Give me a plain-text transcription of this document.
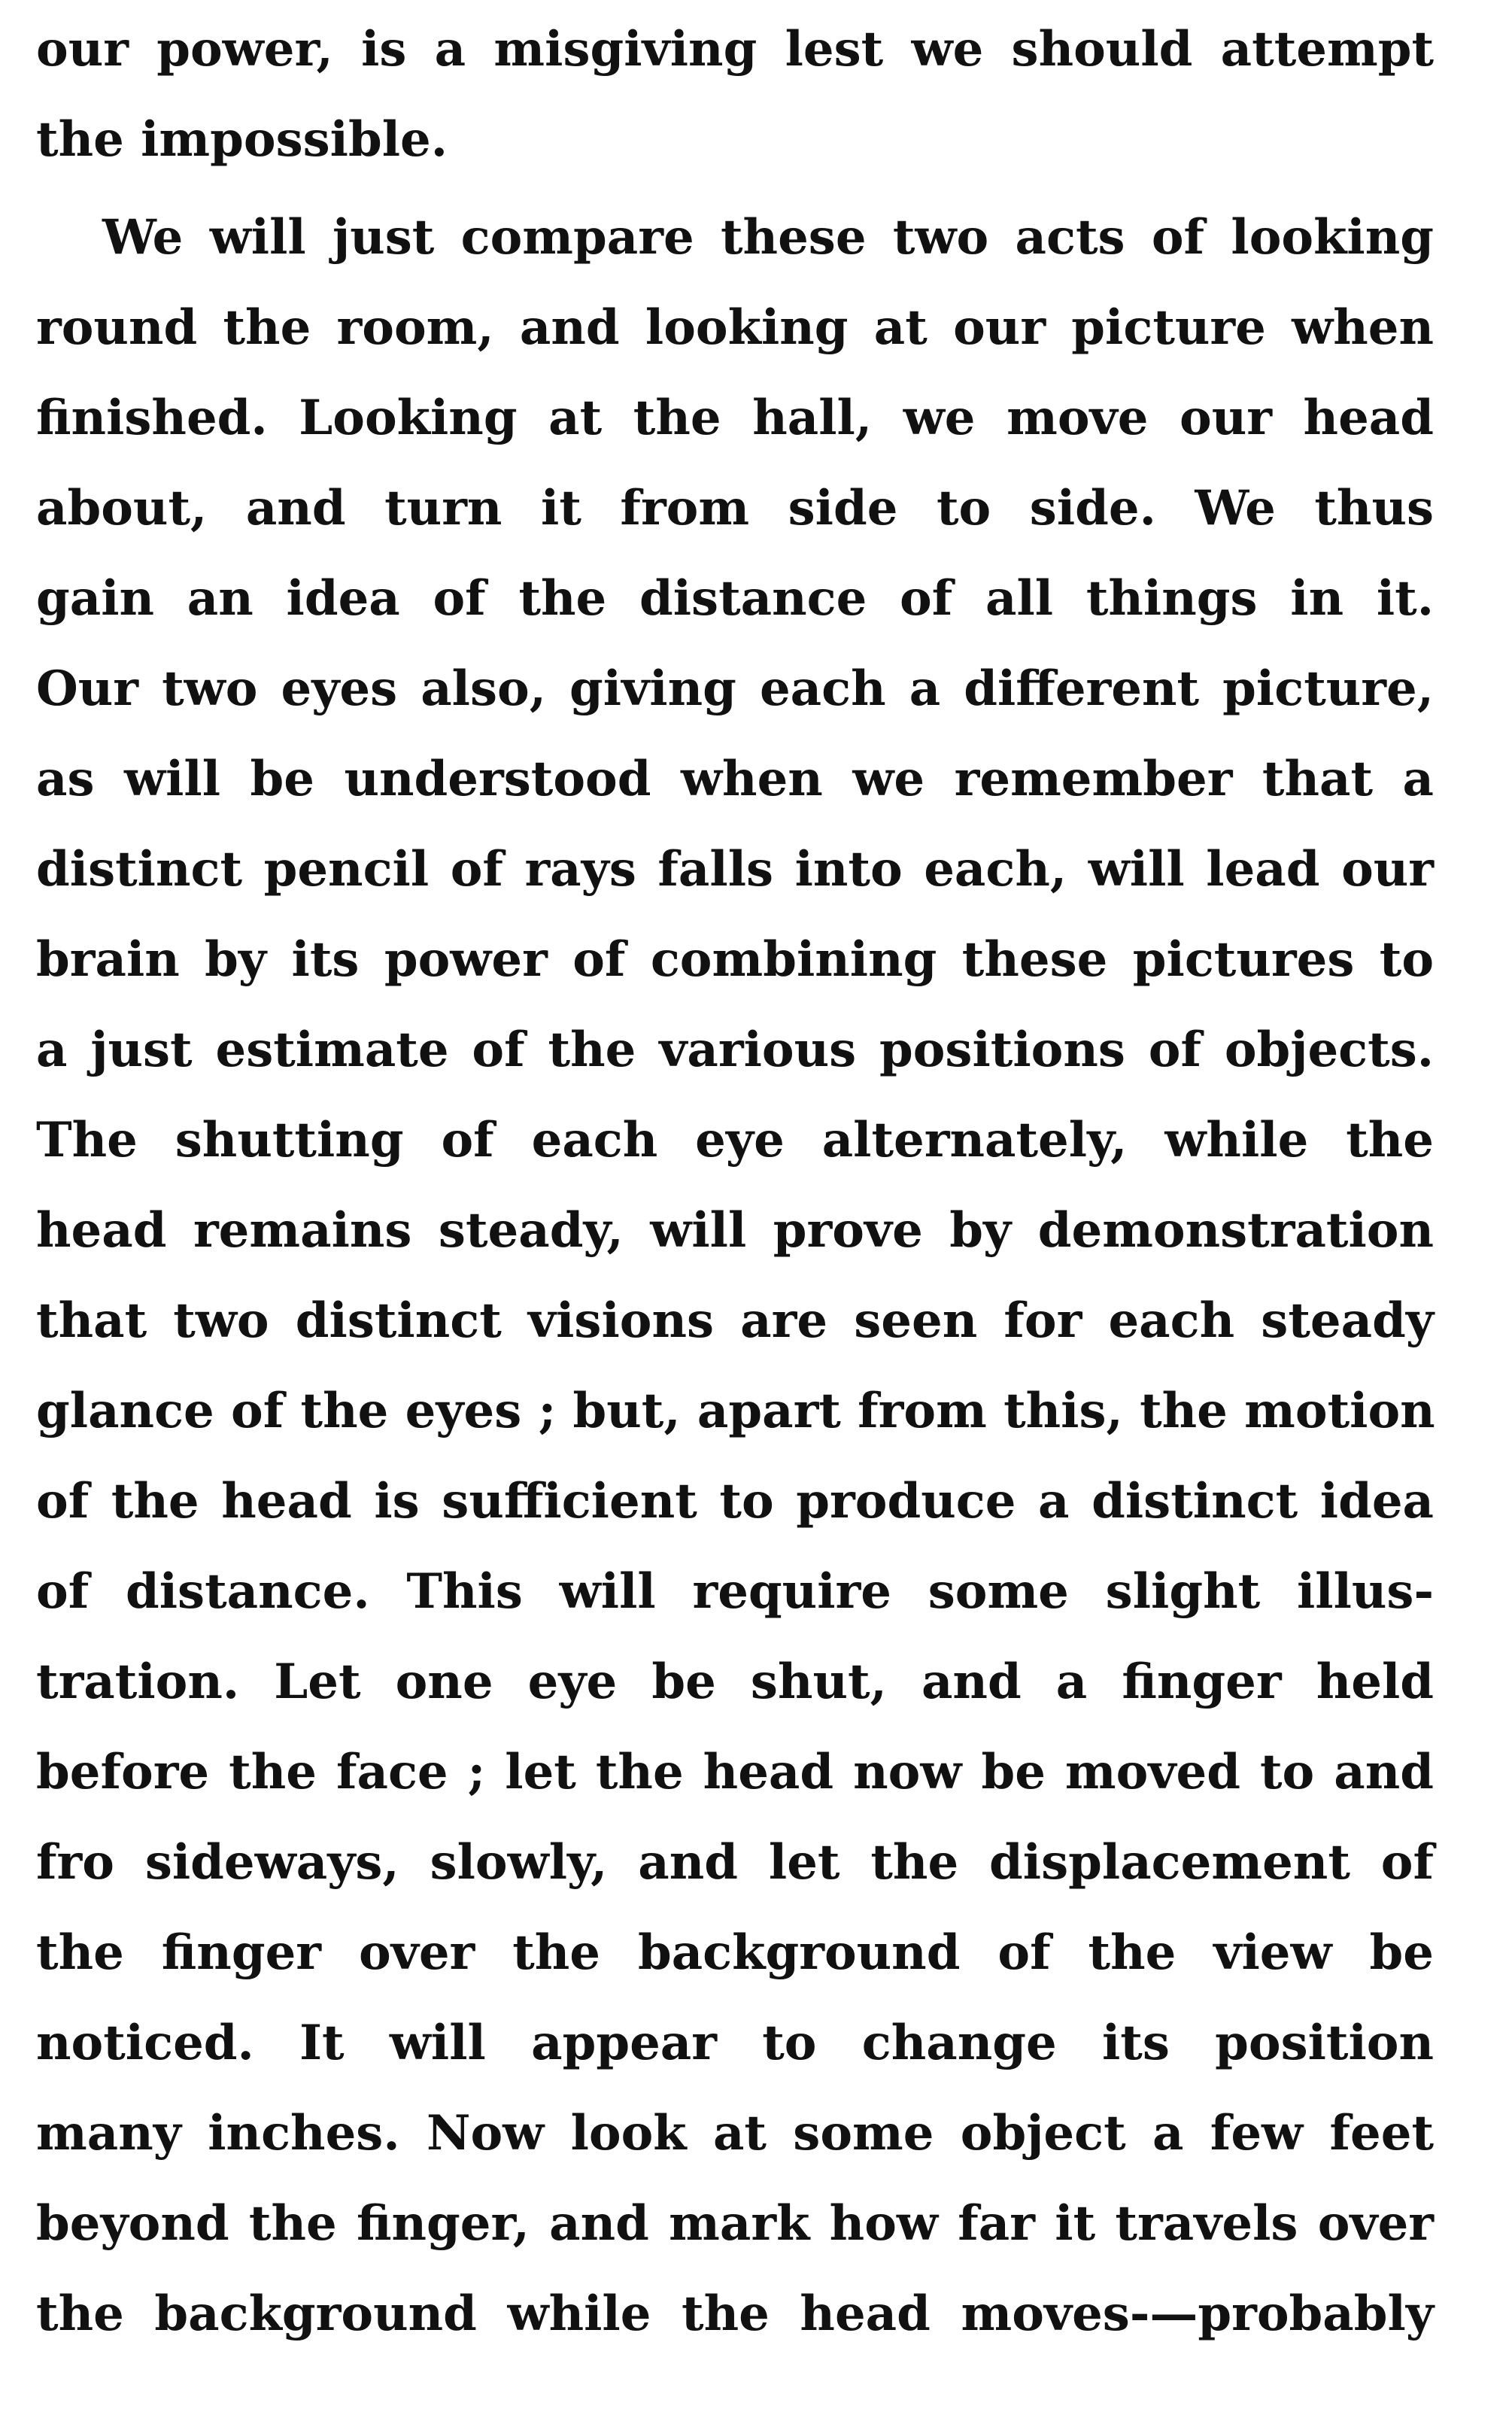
our power, is a misgiving lest we should attempt
the impossible.
We will just compare these two acts of looking
round the room, and looking at our picture when
finished. Looking at the hall, we move our head
about, and turn it from side to side. We thus
gain an idea of the distance of all things in it.
Our two eyes also, giving each a different picture,
as will be understood when we remember that a
distinct pencil of rays falls into each, will lead our
brain by its power of combining these pictures to
a just estimate of the various positions of objects.
The shutting of each eye alternately, while the
head remains steady, will prove by demonstration
that two distinct visions are seen for each steady
glance of the eyes ; but, apart from this, the motion
of the head is sufficient to produce a distinct idea
of distance. This will require some slight illus-
tration. Let one eye be shut, and a finger held
before the face ; let the head now be moved to and
fro sideways, slowly, and let the displacement of
the finger over the background of the view be
noticed. It will appear to change its position
many inches. Now look at some object a few feet
beyond the finger, and mark how far it travels over
the background while the head moves-—probably
